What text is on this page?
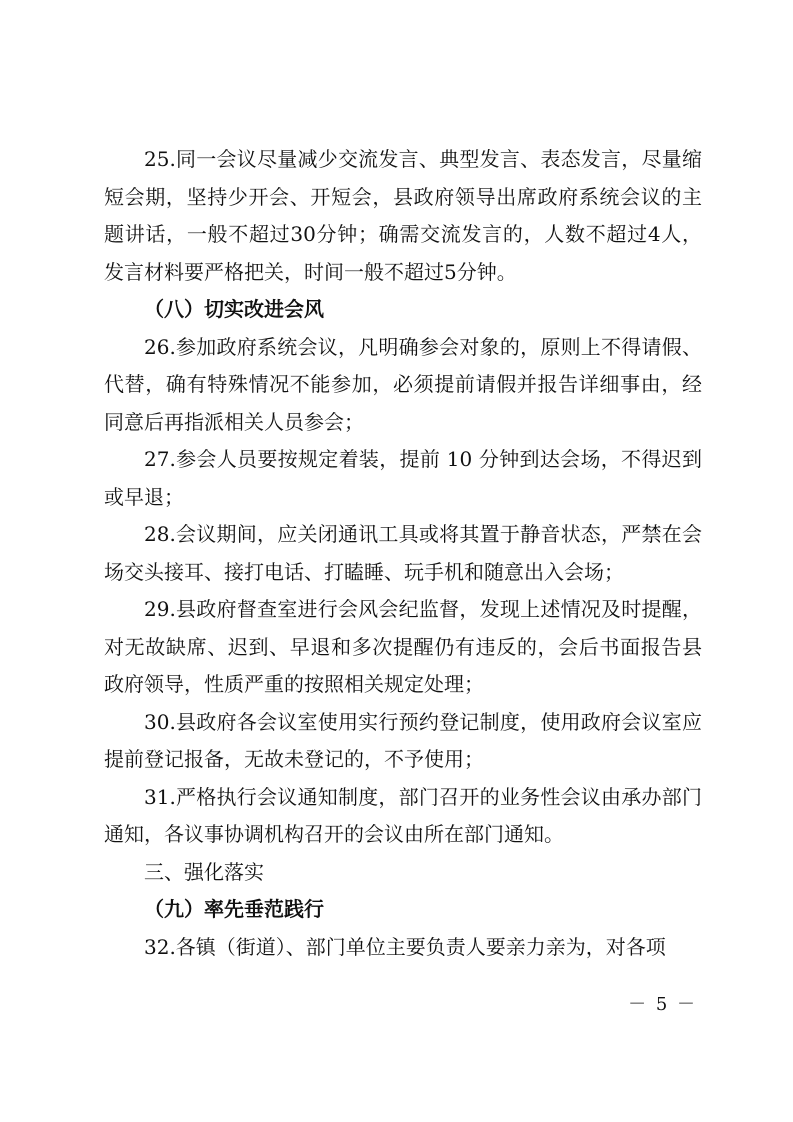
25.同一会议尽量减少交流发言、典型发言、表态发言，尽量缩短会期，坚持少开会、开短会，县政府领导出席政府系统会议的主题讲话，一般不超过30分钟；确需交流发言的，人数不超过4人，发言材料要严格把关，时间一般不超过5分钟。

（八）切实改进会风

26.参加政府系统会议，凡明确参会对象的，原则上不得请假、代替，确有特殊情况不能参加，必须提前请假并报告详细事由，经同意后再指派相关人员参会；

27.参会人员要按规定着装，提前 10 分钟到达会场，不得迟到或早退；

28.会议期间，应关闭通讯工具或将其置于静音状态，严禁在会场交头接耳、接打电话、打瞌睡、玩手机和随意出入会场；

29.县政府督查室进行会风会纪监督，发现上述情况及时提醒，对无故缺席、迟到、早退和多次提醒仍有违反的，会后书面报告县政府领导，性质严重的按照相关规定处理；

30.县政府各会议室使用实行预约登记制度，使用政府会议室应提前登记报备，无故未登记的，不予使用；

31.严格执行会议通知制度，部门召开的业务性会议由承办部门通知，各议事协调机构召开的会议由所在部门通知。

三、强化落实

（九）率先垂范践行

32.各镇（街道）、部门单位主要负责人要亲力亲为，对各项

－ 5 －
